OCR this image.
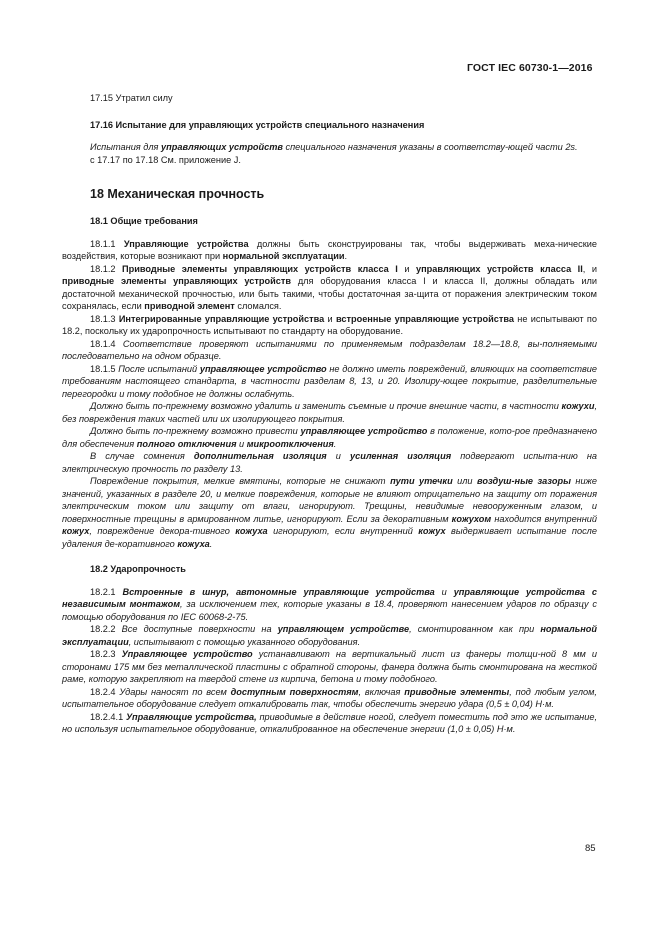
ГОСТ IEC 60730-1—2016

17.15 Утратил силу

17.16 Испытание для управляющих устройств специального назначения

Испытания для управляющих устройств специального назначения указаны в соответству-ющей части 2s.

с 17.17 по 17.18 См. приложение J.

18 Механическая прочность

18.1 Общие требования

18.1.1 Управляющие устройства должны быть сконструированы так, чтобы выдерживать меха-нические воздействия, которые возникают при нормальной эксплуатации.

18.1.2 Приводные элементы управляющих устройств класса I и управляющих устройств класса II, и приводные элементы управляющих устройств для оборудования класса I и класса II, должны обладать или достаточной механической прочностью, или быть такими, чтобы достаточная за-щита от поражения электрическим током сохранялась, если приводной элемент сломался.

18.1.3 Интегрированные управляющие устройства и встроенные управляющие устройства не испытывают по 18.2, поскольку их ударопрочность испытывают по стандарту на оборудование.

18.1.4 Соответствие проверяют испытаниями по применяемым подразделам 18.2—18.8, вы-полняемыми последовательно на одном образце.

18.1.5 После испытаний управляющее устройство не должно иметь повреждений, влияющих на соответствие требованиям настоящего стандарта, в частности разделам 8, 13, и 20. Изолиру-ющее покрытие, разделительные перегородки и тому подобное не должны ослабнуть.

Должно быть по-прежнему возможно удалить и заменить съемные и прочие внешние части, в частности кожухи, без повреждения таких частей или их изолирующего покрытия.

Должно быть по-прежнему возможно привести управляющее устройство в положение, кото-рое предназначено для обеспечения полного отключения и микроотключения.

В случае сомнения дополнительная изоляция и усиленная изоляция подвергают испыта-нию на электрическую прочность по разделу 13.

Повреждение покрытия, мелкие вмятины, которые не снижают пути утечки или воздуш-ные зазоры ниже значений, указанных в разделе 20, и мелкие повреждения, которые не влияют отрицательно на защиту от поражения электрическим током или защиту от влаги, игнорируют. Трещины, невидимые невооруженным глазом, и поверхностные трещины в армированном литье, игнорируют. Если за декоративным кожухом находится внутренний кожух, повреждение декора-тивного кожуха игнорируют, если внутренний кожух выдерживает испытание после удаления де-коративного кожуха.

18.2 Ударопрочность

18.2.1 Встроенные в шнур, автономные управляющие устройства и управляющие устройства с независимым монтажом, за исключением тех, которые указаны в 18.4, проверяют нанесением ударов по образцу с помощью оборудования по IEC 60068-2-75.

18.2.2 Все доступные поверхности на управляющем устройстве, смонтированном как при нормальной эксплуатации, испытывают с помощью указанного оборудования.

18.2.3 Управляющее устройство устанавливают на вертикальный лист из фанеры толщи-ной 8 мм и сторонами 175 мм без металлической пластины с обратной стороны, фанера должна быть смонтирована на жесткой раме, которую закрепляют на твердой стене из кирпича, бетона и тому подобного.

18.2.4 Удары наносят по всем доступным поверхностям, включая приводные элементы, под любым углом, испытательное оборудование следует откалибровать так, чтобы обеспечить энергию удара (0,5 ± 0,04) Н·м.

18.2.4.1 Управляющие устройства, приводимые в действие ногой, следует поместить под это же испытание, но используя испытательное оборудование, откалиброванное на обеспечение энергии (1,0 ± 0,05) Н·м.

85
